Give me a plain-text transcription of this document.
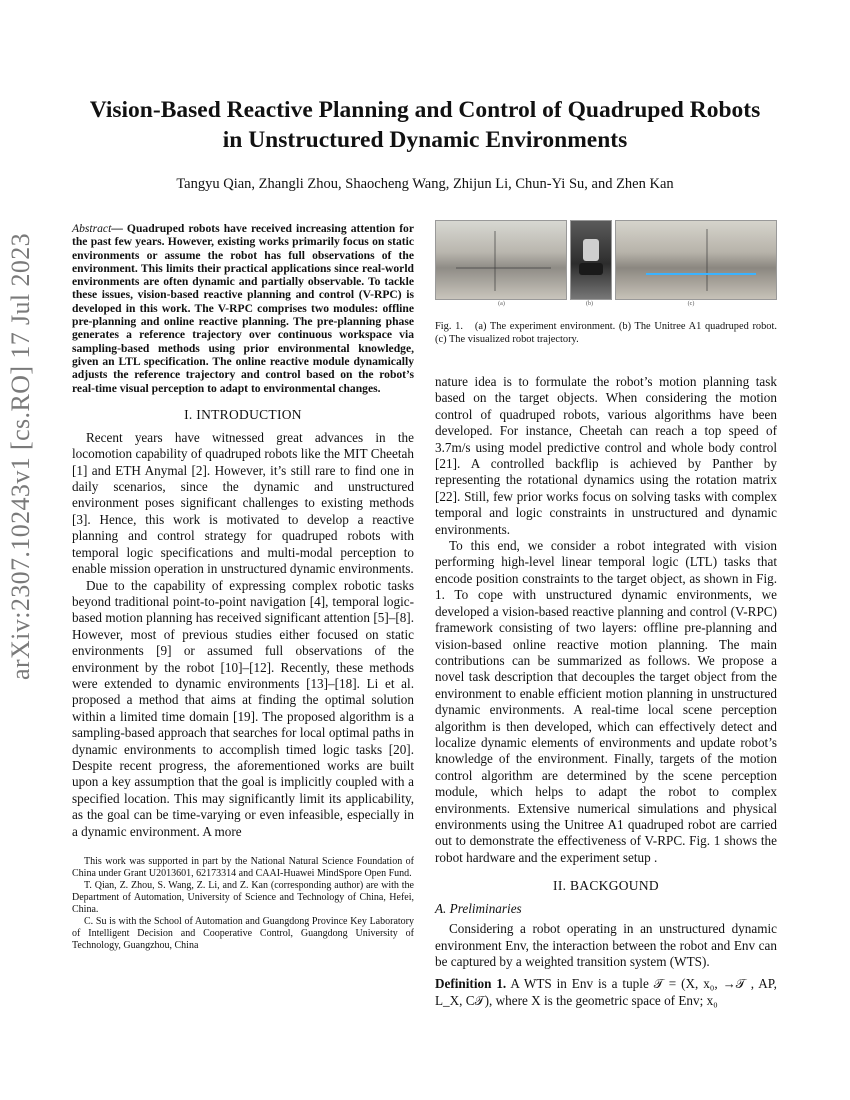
arXiv:2307.10243v1 [cs.RO] 17 Jul 2023
Vision-Based Reactive Planning and Control of Quadruped Robots
in Unstructured Dynamic Environments
Tangyu Qian, Zhangli Zhou, Shaocheng Wang, Zhijun Li, Chun-Yi Su, and Zhen Kan

Abstract— Quadruped robots have received increasing attention for the past few years. However, existing works primarily focus on static environments or assume the robot has full observations of the environment. This limits their practical applications since real-world environments are often dynamic and partially observable. To tackle these issues, vision-based reactive planning and control (V-RPC) is developed in this work. The V-RPC comprises two modules: offline pre-planning and online reactive planning. The pre-planning phase generates a reference trajectory over continuous workspace via sampling-based methods using prior environmental knowledge, given an LTL specification. The online reactive module dynamically adjusts the reference trajectory and control based on the robot’s real-time visual perception to adapt to environmental changes.

I. INTRODUCTION

Recent years have witnessed great advances in the locomotion capability of quadruped robots like the MIT Cheetah [1] and ETH Anymal [2]. However, it’s still rare to find one in daily scenarios, since the dynamic and unstructured environment poses significant challenges to existing methods [3]. Hence, this work is motivated to develop a reactive planning and control strategy for quadruped robots with temporal logic specifications and multi-modal perception to enable mission operation in unstructured dynamic environments.

Due to the capability of expressing complex robotic tasks beyond traditional point-to-point navigation [4], temporal logic-based motion planning has received significant attention [5]–[8]. However, most of previous studies either focused on static environments [9] or assumed full observations of the environment by the robot [10]–[12]. Recently, these methods were extended to dynamic environments [13]–[18]. Li et al. proposed a method that aims at finding the optimal solution within a limited time domain [19]. The proposed algorithm is a sampling-based approach that searches for local optimal paths in dynamic environments to accomplish timed logic tasks [20]. Despite recent progress, the aforementioned works are built upon a key assumption that the goal is implicitly coupled with a specified location. This may significantly limit its applicability, as the goal can be time-varying or even infeasible, especially in a dynamic environment. A more

This work was supported in part by the National Natural Science Foundation of China under Grant U2013601, 62173314 and CAAI-Huawei MindSpore Open Fund.

T. Qian, Z. Zhou, S. Wang, Z. Li, and Z. Kan (corresponding author) are with the Department of Automation, University of Science and Technology of China, Hefei, China.

C. Su is with the School of Automation and Guangdong Province Key Laboratory of Intelligent Decision and Cooperative Control, Guangdong University of Technology, Guangzhou, China

(a)	(b)	(c)

Fig. 1. (a) The experiment environment. (b) The Unitree A1 quadruped robot. (c) The visualized robot trajectory.

nature idea is to formulate the robot’s motion planning task based on the target objects. When considering the motion control of quadruped robots, various algorithms have been developed. For instance, Cheetah can reach a top speed of 3.7m/s using model predictive control and whole body control [21]. A controlled backflip is achieved by Panther by representing the rotational dynamics using the rotation matrix [22]. Still, few prior works focus on solving tasks with complex temporal and logic constraints in unstructured and dynamic environments.

To this end, we consider a robot integrated with vision performing high-level linear temporal logic (LTL) tasks that encode position constraints to the target object, as shown in Fig. 1. To cope with unstructured dynamic environments, we developed a vision-based reactive planning and control (V-RPC) framework consisting of two layers: offline pre-planning and vision-based online reactive motion planning. The main contributions can be summarized as follows. We propose a novel task description that decouples the target object from the environment to enable efficient motion planning in unstructured dynamic environments. A real-time local scene perception algorithm is then developed, which can effectively detect and localize dynamic elements of environments and update robot’s knowledge of the environment. Finally, targets of the motion control algorithm are determined by the scene perception module, which helps to adapt the robot to complex environments. Extensive numerical simulations and physical environments using the Unitree A1 quadruped robot are carried out to demonstrate the effectiveness of V-RPC. Fig. 1 shows the robot hardware and the experiment setup .

II. BACKGOUND
A. Preliminaries

Considering a robot operating in an unstructured dynamic environment Env, the interaction between the robot and Env can be captured by a weighted transition system (WTS).

Definition 1. A WTS in Env is a tuple 𝒯 = (X, x₀, →𝒯 , AP, L_X, C𝒯), where X is the geometric space of Env; x₀
